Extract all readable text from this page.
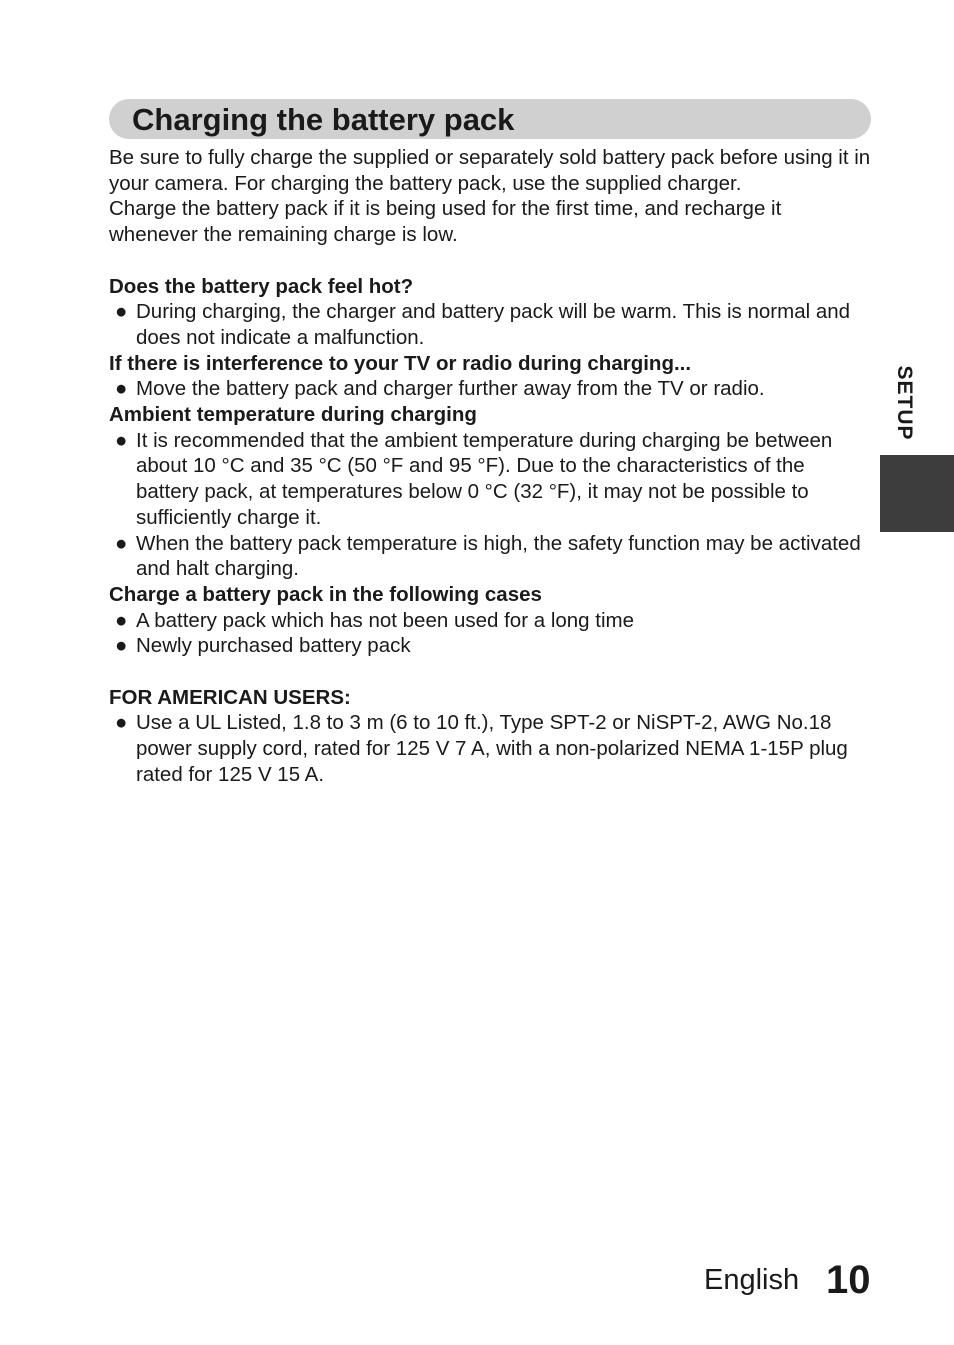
Charging the battery pack

Be sure to fully charge the supplied or separately sold battery pack before using it in your camera. For charging the battery pack, use the supplied charger.

Charge the battery pack if it is being used for the first time, and recharge it whenever the remaining charge is low.

Does the battery pack feel hot?

● During charging, the charger and battery pack will be warm. This is normal and does not indicate a malfunction.

If there is interference to your TV or radio during charging...

● Move the battery pack and charger further away from the TV or radio.

Ambient temperature during charging

● It is recommended that the ambient temperature during charging be between about 10 °C and 35 °C (50 °F and 95 °F). Due to the characteristics of the battery pack, at temperatures below 0 °C (32 °F), it may not be possible to sufficiently charge it.
● When the battery pack temperature is high, the safety function may be activated and halt charging.

Charge a battery pack in the following cases

● A battery pack which has not been used for a long time
● Newly purchased battery pack

FOR AMERICAN USERS:

● Use a UL Listed, 1.8 to 3 m (6 to 10 ft.), Type SPT-2 or NiSPT-2, AWG No.18 power supply cord, rated for 125 V 7 A, with a non-polarized NEMA 1-15P plug rated for 125 V 15 A.
SETUP
English 10
